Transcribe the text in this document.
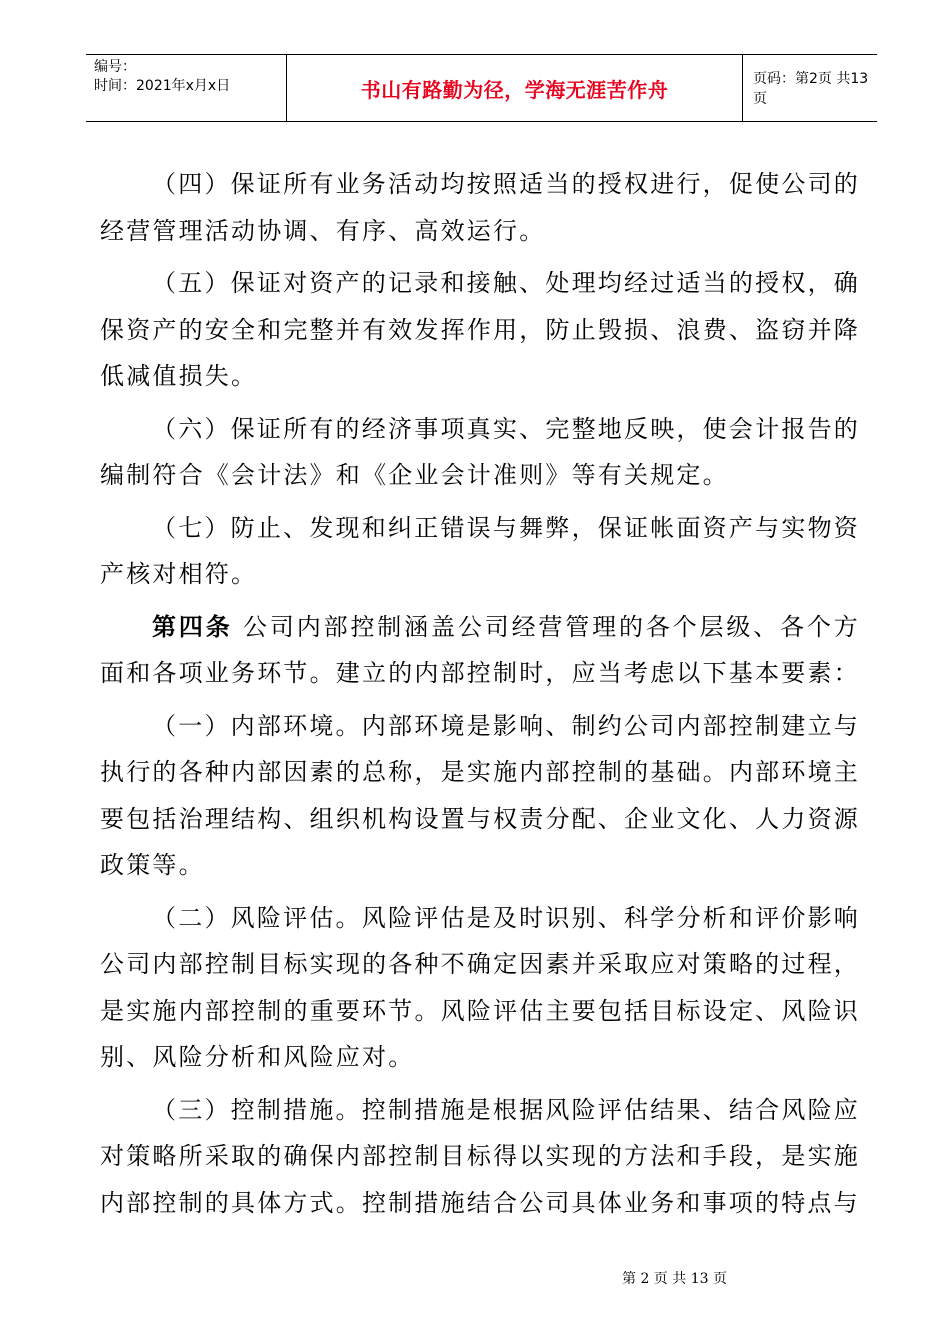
编号：
时间：2021年x月x日	书山有路勤为径，学海无涯苦作舟	页码：第2页 共13页

（四）保证所有业务活动均按照适当的授权进行，促使公司的经营管理活动协调、有序、高效运行。

（五）保证对资产的记录和接触、处理均经过适当的授权，确保资产的安全和完整并有效发挥作用，防止毁损、浪费、盗窃并降低减值损失。

（六）保证所有的经济事项真实、完整地反映，使会计报告的编制符合《会计法》和《企业会计准则》等有关规定。

（七）防止、发现和纠正错误与舞弊，保证帐面资产与实物资产核对相符。

第四条 公司内部控制涵盖公司经营管理的各个层级、各个方面和各项业务环节。建立的内部控制时，应当考虑以下基本要素：

（一）内部环境。内部环境是影响、制约公司内部控制建立与执行的各种内部因素的总称，是实施内部控制的基础。内部环境主要包括治理结构、组织机构设置与权责分配、企业文化、人力资源政策等。

（二）风险评估。风险评估是及时识别、科学分析和评价影响公司内部控制目标实现的各种不确定因素并采取应对策略的过程，是实施内部控制的重要环节。风险评估主要包括目标设定、风险识别、风险分析和风险应对。

（三）控制措施。控制措施是根据风险评估结果、结合风险应对策略所采取的确保内部控制目标得以实现的方法和手段，是实施内部控制的具体方式。控制措施结合公司具体业务和事项的特点与

第 2 页 共 13 页
